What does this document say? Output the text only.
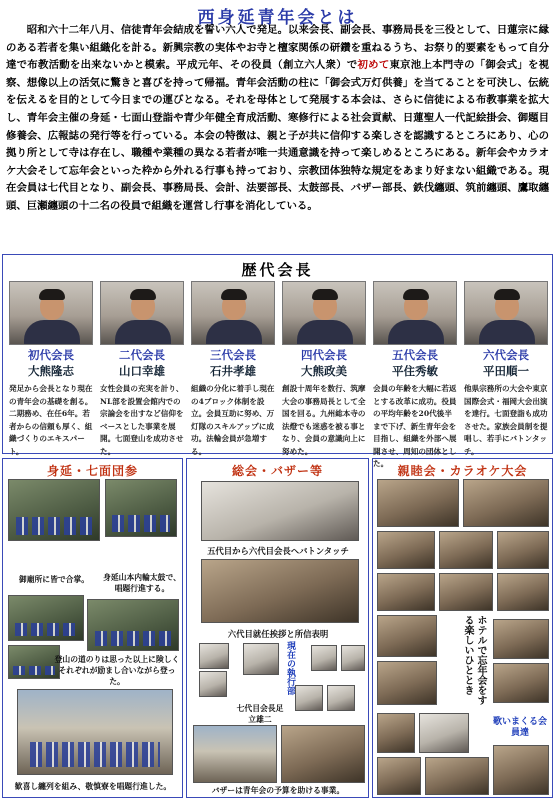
西身延青年会とは
昭和六十二年八月、信徒青年会結成を誓い六人で発足。以来会長、副会長、事務局長を三役として、日蓮宗に縁のある若者を集い組織化を計る。新興宗教の実体やお寺と檀家関係の研鑽を重ねるうち、お祭り的要素をもって自分達で布教活動を出来ないかと模索。平成元年、その役員（創立六人衆）で初めて東京池上本門寺の「御会式」を視察、想像以上の活気に驚きと喜びを持って帰福。青年会活動の柱に「御会式万灯供養」を当てることを可決し、伝統を伝えるを目的として今日までの運びとなる。それを母体として発展する本会は、さらに信徒による布教事業を拡大し、青年会主催の身延・七面山登詣や青少年健全育成活動、寒修行による社会貢献、日蓮聖人一代記絵掛会、御題目修養会、広報誌の発行等を行っている。本会の特徴は、親と子が共に信仰する楽しさを認識するところにあり、心の拠り所として寺は存在し、職種や業種の異なる若者が唯一共通意識を持って楽しめるところにある。新年会やカラオケ大会そして忘年会といった枠から外れる行事も持っており、宗教団体独特な規定をあまり好まない組織である。現在会員は七代目となり、副会長、事務局長、会計、法要部長、太鼓部長、バザー部長、鉄伐纏頭、筑前纏頭、鷹取纏頭、巨瀬纏頭の十二名の役員で組織を運営し行事を消化している。
歴代会長
初代会長
大熊隆志
発足から会長となり現在の青年会の基礎を創る。二期務め、在任6年。若者からの信頼も厚く、組織づくりのエキスパート。
二代会長
山口幸雄
女性会員の充実を計り、NL部を設置会館内での宗論会を出すなど信仰をベースとした事業を展開。七面登山を成功させた。
三代会長
石井孝雄
組織の分化に着手し現在の4ブロック体制を設立。会員互助に努め、万灯隊のスキルアップに成功。法輪会員が急増する。
四代会長
大熊政美
創設十周年を数行、筑摩大会の事務局長として全国を回る。九州総本寺の法燈でも迷惑を被る事となり、会員の意識向上に努めた。
五代会長
平住秀敏
会員の年齢を大幅に若返とする改革に成功。役員の平均年齢を20代後半まで下げ、新生青年会を目指し、組織を外部へ展開させ、周知の団体とした。
六代会長
平田順一
他県宗務所の大会や東京国際会式・福岡大会出演を達行。七面登詣も成功させた。家族会員制を提唱し、若手にバトンタッチ。
身延・七面団参
御廟所に皆で合掌。	身延山本内輪太鼓で、唱題行進する。
登山の道のりは思った以上に険しくそれぞれが励まし合いながら登った。
歓喜し纏列を組み、敬慎寮を唱題行進した。
総会・バザー等
五代目から六代目会長へバトンタッチ
六代目就任挨拶と所信表明
現在の執行部
七代目会長足立雄二
バザーは青年会の予算を助ける事業。
親睦会・カラオケ大会
ホテルで忘年会をする楽しいひととき
歌いまくる会員達
